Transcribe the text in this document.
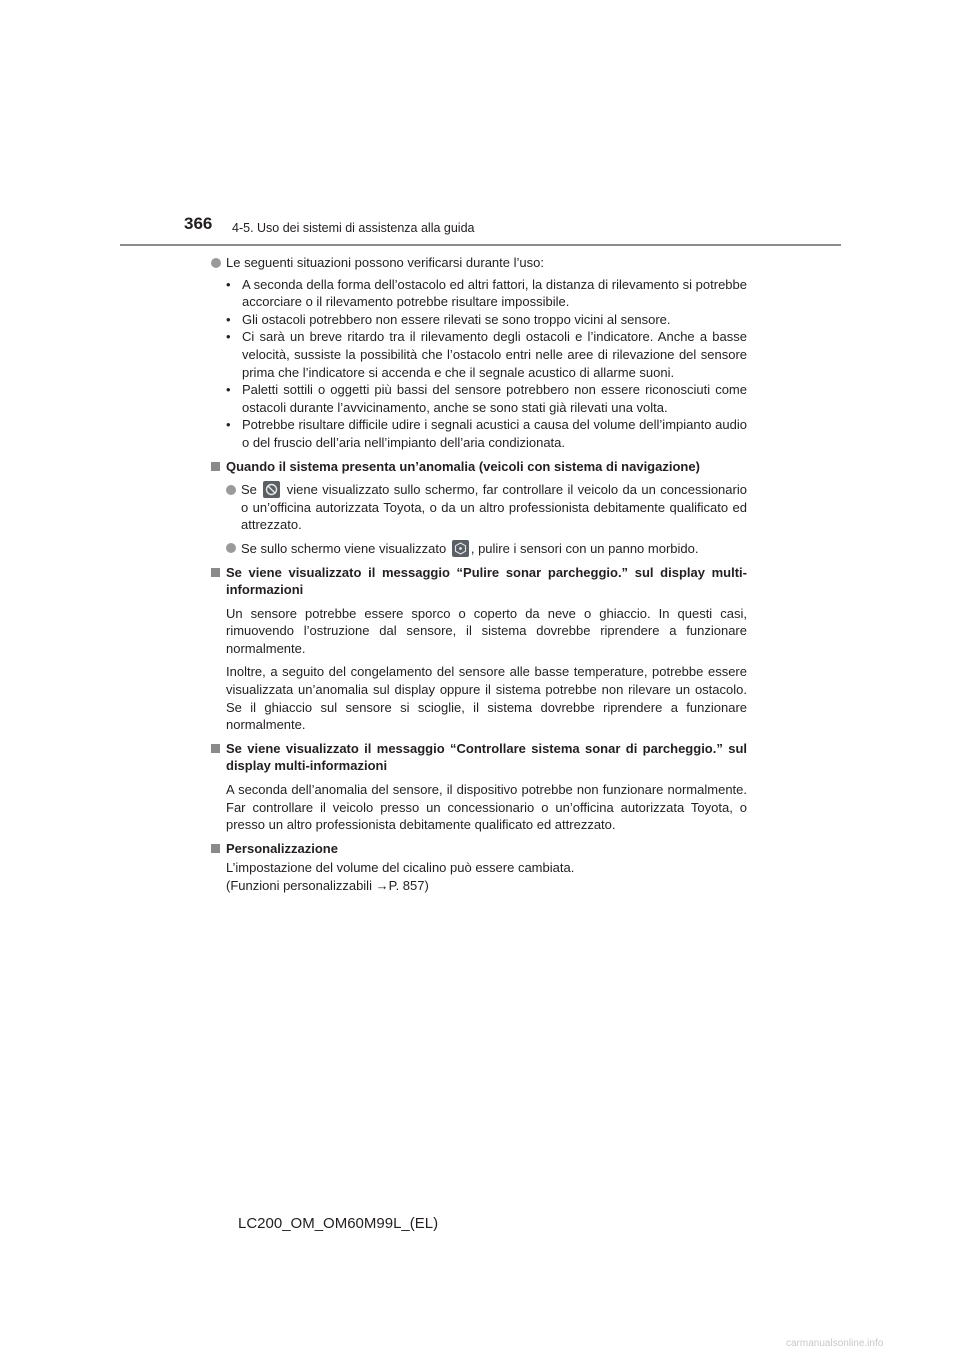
366 4-5. Uso dei sistemi di assistenza alla guida
Le seguenti situazioni possono verificarsi durante l’uso:
• A seconda della forma dell’ostacolo ed altri fattori, la distanza di rilevamento si potrebbe accorciare o il rilevamento potrebbe risultare impossibile.
• Gli ostacoli potrebbero non essere rilevati se sono troppo vicini al sensore.
• Ci sarà un breve ritardo tra il rilevamento degli ostacoli e l’indicatore. Anche a basse velocità, sussiste la possibilità che l’ostacolo entri nelle aree di rilevazione del sensore prima che l’indicatore si accenda e che il segnale acustico di allarme suoni.
• Paletti sottili o oggetti più bassi del sensore potrebbero non essere riconosciuti come ostacoli durante l’avvicinamento, anche se sono stati già rilevati una volta.
• Potrebbe risultare difficile udire i segnali acustici a causa del volume dell’impianto audio o del fruscio dell’aria nell’impianto dell’aria condizionata.
Quando il sistema presenta un’anomalia (veicoli con sistema di navigazione)
Se viene visualizzato sullo schermo, far controllare il veicolo da un concessionario o un’officina autorizzata Toyota, o da un altro professionista debitamente qualificato ed attrezzato.
Se sullo schermo viene visualizzato , pulire i sensori con un panno morbido.
Se viene visualizzato il messaggio “Pulire sonar parcheggio.” sul display multi-informazioni
Un sensore potrebbe essere sporco o coperto da neve o ghiaccio. In questi casi, rimuovendo l’ostruzione dal sensore, il sistema dovrebbe riprendere a funzionare normalmente.
Inoltre, a seguito del congelamento del sensore alle basse temperature, potrebbe essere visualizzata un’anomalia sul display oppure il sistema potrebbe non rilevare un ostacolo. Se il ghiaccio sul sensore si scioglie, il sistema dovrebbe riprendere a funzionare normalmente.
Se viene visualizzato il messaggio “Controllare sistema sonar di parcheggio.” sul display multi-informazioni
A seconda dell’anomalia del sensore, il dispositivo potrebbe non funzionare normalmente. Far controllare il veicolo presso un concessionario o un’officina autorizzata Toyota, o presso un altro professionista debitamente qualificato ed attrezzato.
Personalizzazione
L’impostazione del volume del cicalino può essere cambiata.
(Funzioni personalizzabili →P. 857)
LC200_OM_OM60M99L_(EL)
carmanualsonline.info
